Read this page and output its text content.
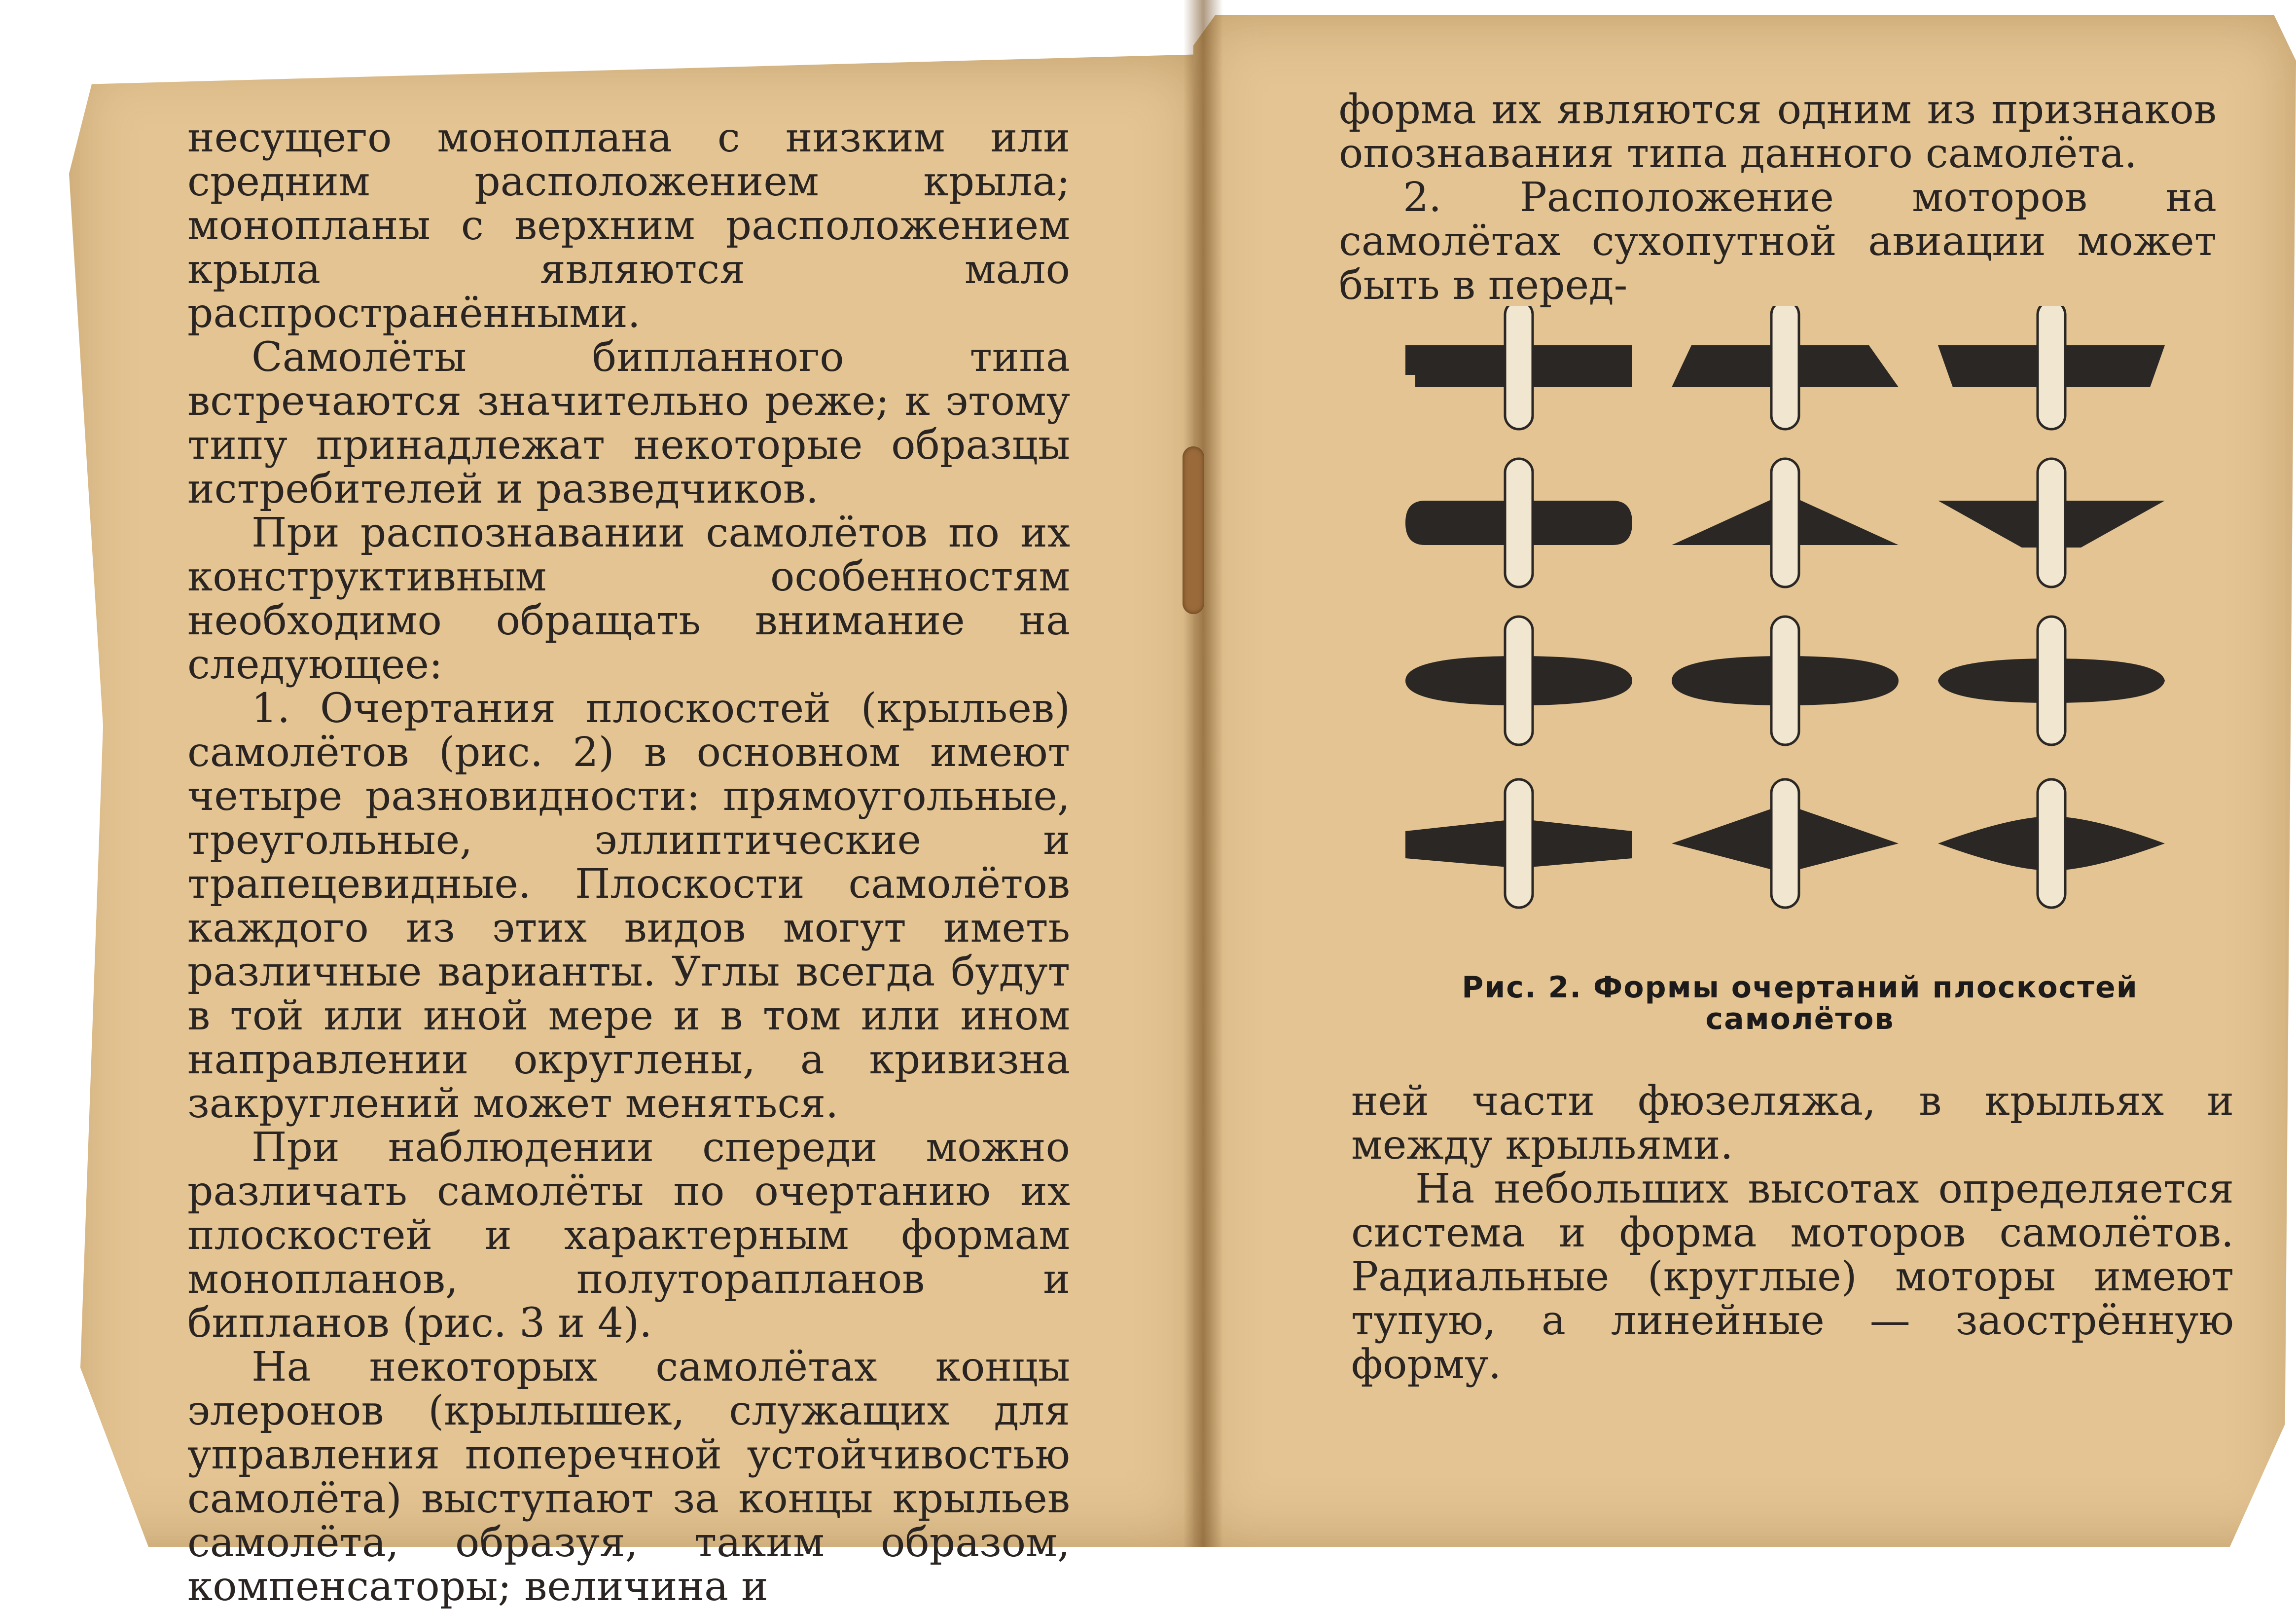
несущего моноплана с низким или средним расположением крыла; монопланы с верхним расположением крыла являются мало распространёнными.

Самолёты бипланного типа встречаются значительно реже; к этому типу принадлежат некоторые образцы истребителей и разведчиков.

При распознавании самолётов по их конструктивным особенностям необходимо обращать внимание на следующее:

1. Очертания плоскостей (крыльев) самолётов (рис. 2) в основном имеют четыре разновидности: прямоугольные, треугольные, эллиптические и трапецевидные. Плоскости самолётов каждого из этих видов могут иметь различные варианты. Углы всегда будут в той или иной мере и в том или ином направлении округлены, а кривизна закруглений может меняться.

При наблюдении спереди можно различать самолёты по очертанию их плоскостей и характерным формам монопланов, полуторапланов и бипланов (рис. 3 и 4).

На некоторых самолётах концы элеронов (крылышек, служащих для управления поперечной устойчивостью самолёта) выступают за концы крыльев самолёта, образуя, таким образом, компенсаторы; величина и

форма их являются одним из признаков опознавания типа данного самолёта.

2. Расположение моторов на самолётах сухопутной авиации может быть в перед-

Рис. 2. Формы очертаний плоскостей
самолётов

ней части фюзеляжа, в крыльях и между крыльями.

На небольших высотах определяется система и форма моторов самолётов. Радиальные (круглые) моторы имеют тупую, а линейные — заострённую форму.
